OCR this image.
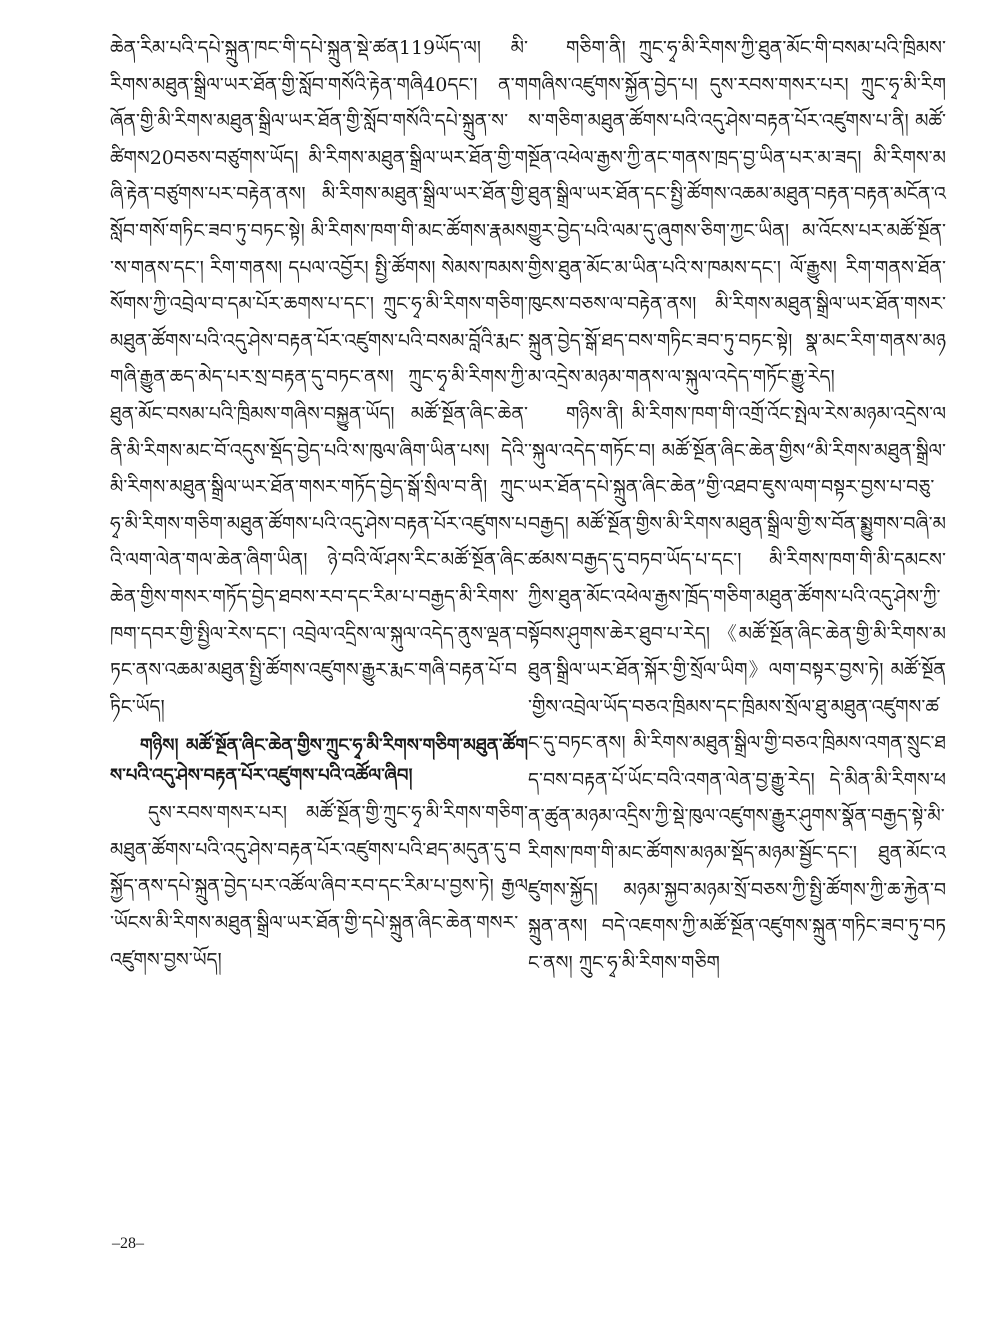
ཆེན་རིམ་པའི་དཔེ་སྐྲུན་ཁང་གི་དཔེ་སྐྲུན་སྡེ་ཚན119ཡོད་ལ། མི་རིགས་མཐུན་སྒྲིལ་ཡར་ཐོན་གྱི་སློབ་གསོའི་རྟེན་གཞི40དང་། ན་གཞོན་གྱི་མི་རིགས་མཐུན་སྒྲིལ་ཡར་ཐོན་གྱི་སློབ་གསོའི་དཔེ་སྐྲུན་ས་ཚིགས20བཅས་བཙུགས་ཡོད། མི་རིགས་མཐུན་སྒྲིལ་ཡར་ཐོན་གྱི་གཞི་རྟེན་བཙུགས་པར་བརྟེན་ནས། མི་རིགས་མཐུན་སྒྲིལ་ཡར་ཐོན་གྱི་སློབ་གསོ་གཏིང་ཟབ་ཏུ་བཏང་སྟེ། མི་རིགས་ཁག་གི་མང་ཚོགས་རྣམས་ས་གནས་དང་། རིག་གནས། དཔལ་འབྱོར། སྤྱི་ཚོགས། སེམས་ཁམས་སོགས་ཀྱི་འབྲེལ་བ་དམ་པོར་ཆགས་པ་དང་། ཀྲུང་ཧྭ་མི་རིགས་གཅིག་མཐུན་ཚོགས་པའི་འདུ་ཤེས་བརྟན་པོར་འཛུགས་པའི་བསམ་བློའི་རྨང་གཞི་རྒྱུན་ཆད་མེད་པར་སྲ་བརྟན་དུ་བཏང་ནས། ཀྲུང་ཧྭ་མི་རིགས་ཀྱི་ཐུན་མོང་བསམ་པའི་ཁྲིམས་གཞིས་བསྐྱུན་ཡོད། མཚོ་སྔོན་ཞིང་ཆེན་ནི་མི་རིགས་མང་བོ་འདུས་སྡོད་བྱེད་པའི་ས་ཁུལ་ཞིག་ཡིན་པས། དེའི་མི་རིགས་མཐུན་སྒྲིལ་ཡར་ཐོན་གསར་གཏོད་བྱེད་སྒོ་སྲིལ་བ་ནི། ཀྲུང་ཧྭ་མི་རིགས་གཅིག་མཐུན་ཚོགས་པའི་འདུ་ཤེས་བརྟན་པོར་འཛུགས་པའི་ལག་ལེན་གལ་ཆེན་ཞིག་ཡིན། ཉེ་བའི་ལོ་ཤས་རིང་མཚོ་སྔོན་ཞིང་ཆེན་གྱིས་གསར་གཏོད་བྱེད་ཐབས་རབ་དང་རིམ་པ་བརྒྱད་མི་རིགས་ཁག་དབར་གྱི་སྤྱིལ་རེས་དང་། འབྲེལ་འདྲིས་ལ་སྐུལ་འདེད་ནུས་ལྡན་བཏང་ནས་འཆམ་མཐུན་སྤྱི་ཚོགས་འཛུགས་རྒྱུར་རྨང་གཞི་བརྟན་པོ་བཏིང་ཡོད།

གཉིས། མཚོ་སྔོན་ཞིང་ཆེན་གྱིས་ཀྲུང་ཧྭ་མི་རིགས་གཅིག་མཐུན་ཚོགས་པའི་འདུ་ཤེས་བརྟན་པོར་འཛུགས་པའི་འཚོལ་ཞིབ།

དུས་རབས་གསར་པར། མཚོ་སྔོན་གྱི་ཀྲུང་ཧྭ་མི་རིགས་གཅིག་མཐུན་ཚོགས་པའི་འདུ་ཤེས་བརྟན་པོར་འཛུགས་པའི་ཐད་མདུན་དུ་བསྐྱོད་ནས་དཔེ་སྐྲུན་བྱེད་པར་འཚོལ་ཞིབ་རབ་དང་རིམ་པ་བྱས་ཏེ། རྒྱལ་ཡོངས་མི་རིགས་མཐུན་སྒྲིལ་ཡར་ཐོན་གྱི་དཔེ་སྐྲུན་ཞིང་ཆེན་གསར་འཛུགས་བྱས་ཡོད།

གཅིག་ནི། ཀྲུང་ཧྭ་མི་རིགས་ཀྱི་ཐུན་མོང་གི་བསམ་པའི་ཁྲིམས་གཞིས་འཛུགས་སྐྱོན་བྱེད་པ། དུས་རབས་གསར་པར། ཀྲུང་ཧྭ་མི་རིགས་གཅིག་མཐུན་ཚོགས་པའི་འདུ་ཤེས་བརྟན་པོར་འཛུགས་པ་ནི། མཚོ་སྔོན་འཕེལ་རྒྱས་ཀྱི་ནང་གནས་ཁྲད་བྱ་ཡིན་པར་མ་ཟད། མི་རིགས་མཐུན་སྒྲིལ་ཡར་ཐོན་དང་སྤྱི་ཚོགས་འཆམ་མཐུན་བརྟན་བརྟན་མངོན་འགྱུར་བྱེད་པའི་ལམ་དུ་ཞུགས་ཅིག་ཀྱང་ཡིན། མ་འོངས་པར་མཚོ་སྔོན་གྱིས་ཐུན་མོང་མ་ཡིན་པའི་ས་ཁམས་དང་། ལོ་རྒྱུས། རིག་གནས་ཐོན་ཁུངས་བཅས་ལ་བརྟེན་ནས། མི་རིགས་མཐུན་སྒྲིལ་ཡར་ཐོན་གསར་སྐྲུན་བྱེད་སྒོ་ཐད་བས་གཏིང་ཟབ་ཏུ་བཏང་སྟེ། སྣ་མང་རིག་གནས་མཉམ་འདྲེས་མཉམ་གནས་ལ་སྐུལ་འདེད་གཏོང་རྒྱུ་རེད།

གཉིས་ནི། མི་རིགས་ཁག་གི་འགྲོ་འོང་སྤེལ་རེས་མཉམ་འདྲེས་ལ་སྐུལ་འདེད་གཏོང་བ། མཚོ་སྔོན་ཞིང་ཆེན་གྱིས“མི་རིགས་མཐུན་སྒྲིལ་ཡར་ཐོན་དཔེ་སྐྲུན་ཞིང་ཆེན”གྱི་འཐབ་ཇུས་ལག་བསྟར་བྱས་པ་བཅུ་བརྒྱད། མཚོ་སྔོན་གྱིས་མི་རིགས་མཐུན་སྒྲིལ་གྱི་ས་བོན་སྨྱུགས་བཞི་མཚམས་བརྒྱད་དུ་བཏབ་ཡོད་པ་དང་། མི་རིགས་ཁག་གི་མི་དམངས་ཀྱིས་ཐུན་མོང་འཕེལ་རྒྱས་ཁྲོད་གཅིག་མཐུན་ཚོགས་པའི་འདུ་ཤེས་ཀྱི་སྟོབས་ཤུགས་ཆེར་ཐུབ་པ་རེད། 《མཚོ་སྔོན་ཞིང་ཆེན་གྱི་མི་རིགས་མཐུན་སྒྲིལ་ཡར་ཐོན་སྐོར་གྱི་སྲོལ་ཡིག》ལག་བསྟར་བྱས་ཏེ། མཚོ་སྔོན་གྱིས་འབྲེལ་ཡོད་བཅའ་ཁྲིམས་དང་ཁྲིམས་སྲོལ་ཐུ་མཐུན་འཛུགས་ཚང་དུ་བཏང་ནས། མི་རིགས་མཐུན་སྒྲིལ་གྱི་བཅའ་ཁྲིམས་འགན་སྲུང་ཐད་བས་བརྟན་པོ་ཡོང་བའི་འགན་ལེན་བྱ་རྒྱུ་རེད། དེ་མིན་མི་རིགས་ཕན་ཚུན་མཉམ་འདྲིས་ཀྱི་སྡེ་ཁུལ་འཛུགས་རྒྱུར་ཤུགས་སྣོན་བརྒྱད་སྟེ་མི་རིགས་ཁག་གི་མང་ཚོགས་མཉམ་སྡོད་མཉམ་སྦྱོང་དང་། ཐུན་མོང་འཛུགས་སྐྱོད། མཉམ་སྐྱབ་མཉམ་སྲོ་བཅས་ཀྱི་སྤྱི་ཚོགས་ཀྱི་ཆ་རྐྱེན་བསྐྲུན་ནས། བདེ་འཇགས་ཀྱི་མཚོ་སྔོན་འཛུགས་སྐྲུན་གཏིང་ཟབ་ཏུ་བཏང་ནས། ཀྲུང་ཧྭ་མི་རིགས་གཅིག

–28–
